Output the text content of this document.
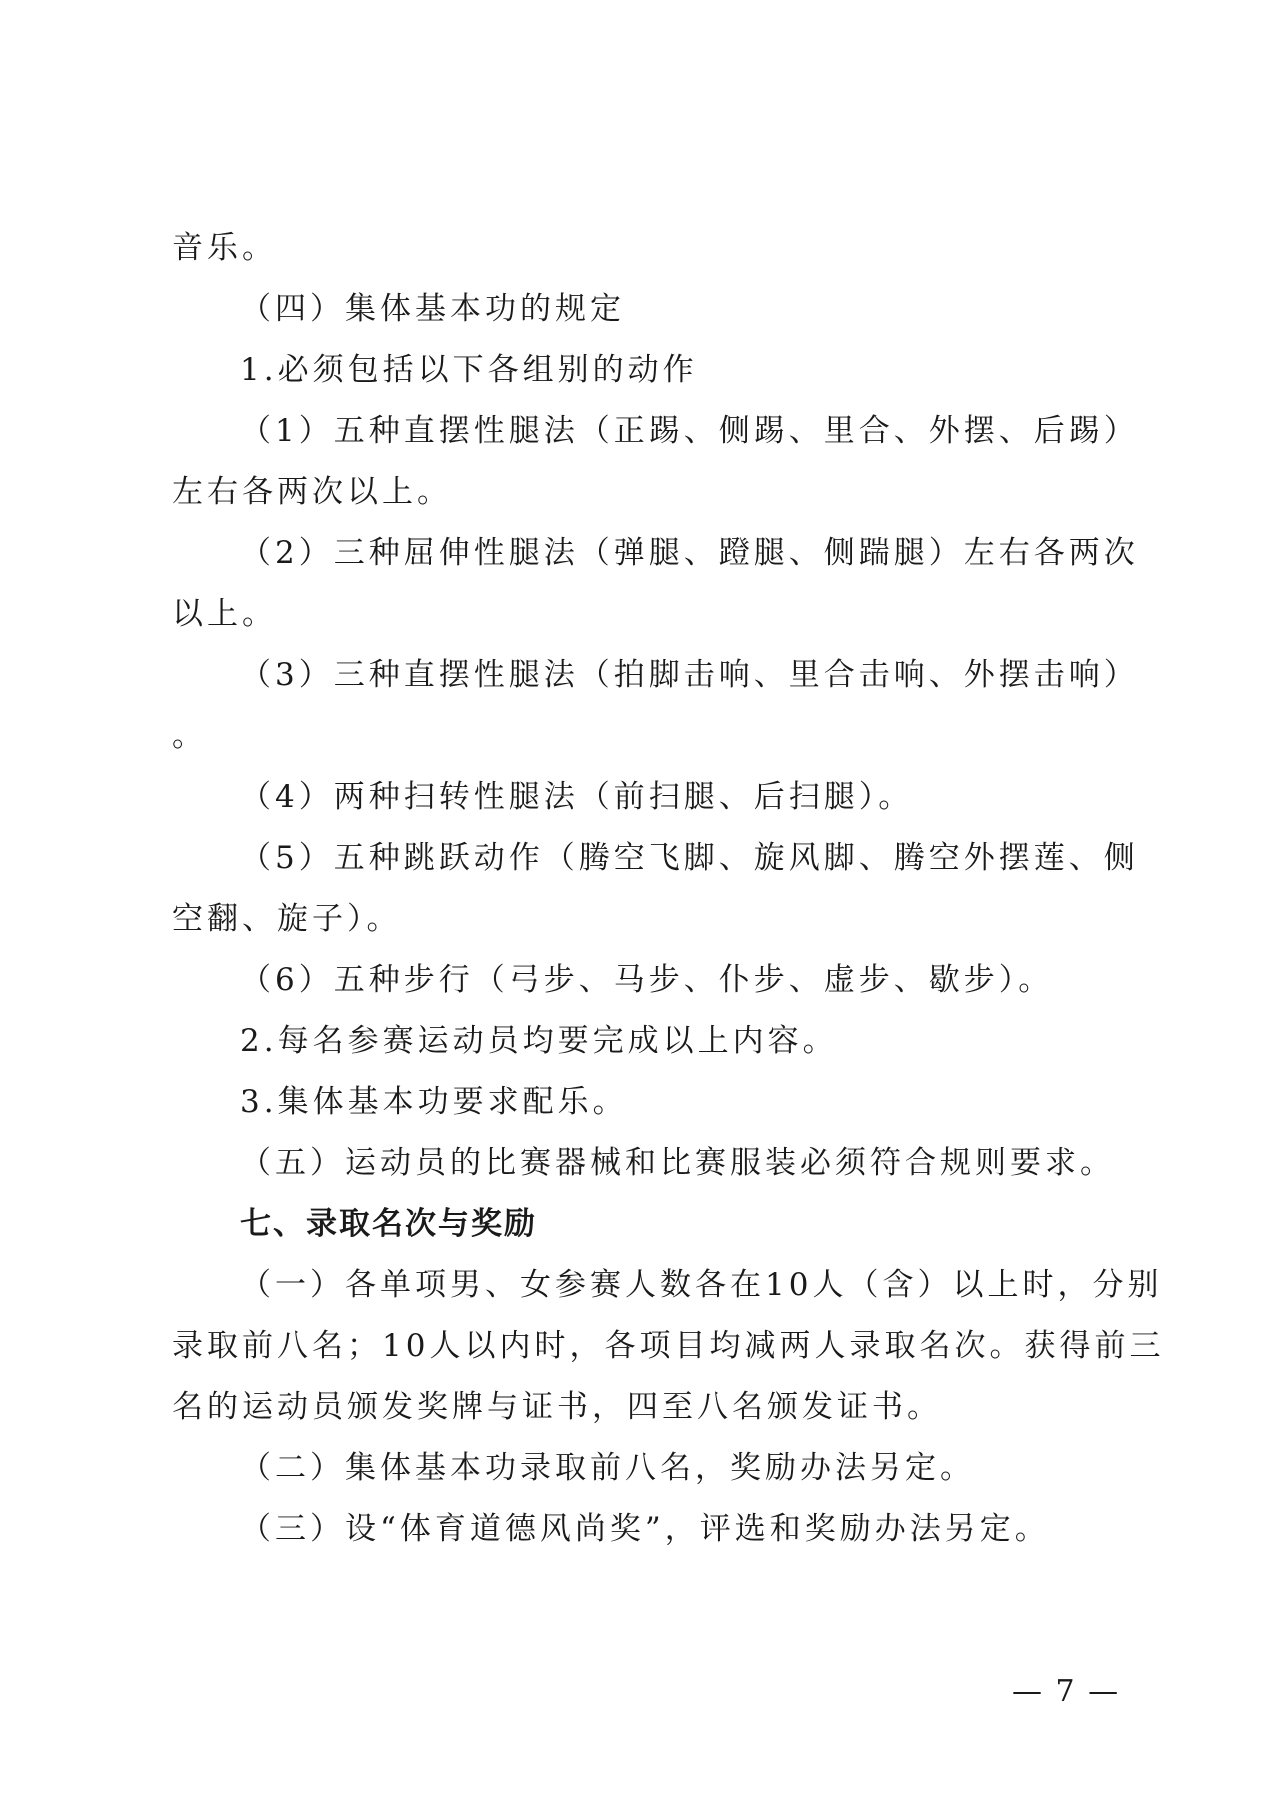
音乐。
（四）集体基本功的规定
1.必须包括以下各组别的动作
（1）五种直摆性腿法（正踢、侧踢、里合、外摆、后踢）
左右各两次以上。
（2）三种屈伸性腿法（弹腿、蹬腿、侧踹腿）左右各两次
以上。
（3）三种直摆性腿法（拍脚击响、里合击响、外摆击响）
。
（4）两种扫转性腿法（前扫腿、后扫腿）。
（5）五种跳跃动作（腾空飞脚、旋风脚、腾空外摆莲、侧
空翻、旋子）。
（6）五种步行（弓步、马步、仆步、虚步、歇步）。
2.每名参赛运动员均要完成以上内容。
3.集体基本功要求配乐。
（五）运动员的比赛器械和比赛服装必须符合规则要求。
七、录取名次与奖励
（一）各单项男、女参赛人数各在10人（含）以上时，分别
录取前八名；10人以内时，各项目均减两人录取名次。获得前三
名的运动员颁发奖牌与证书，四至八名颁发证书。
（二）集体基本功录取前八名，奖励办法另定。
（三）设“体育道德风尚奖”，评选和奖励办法另定。
— 7 —
